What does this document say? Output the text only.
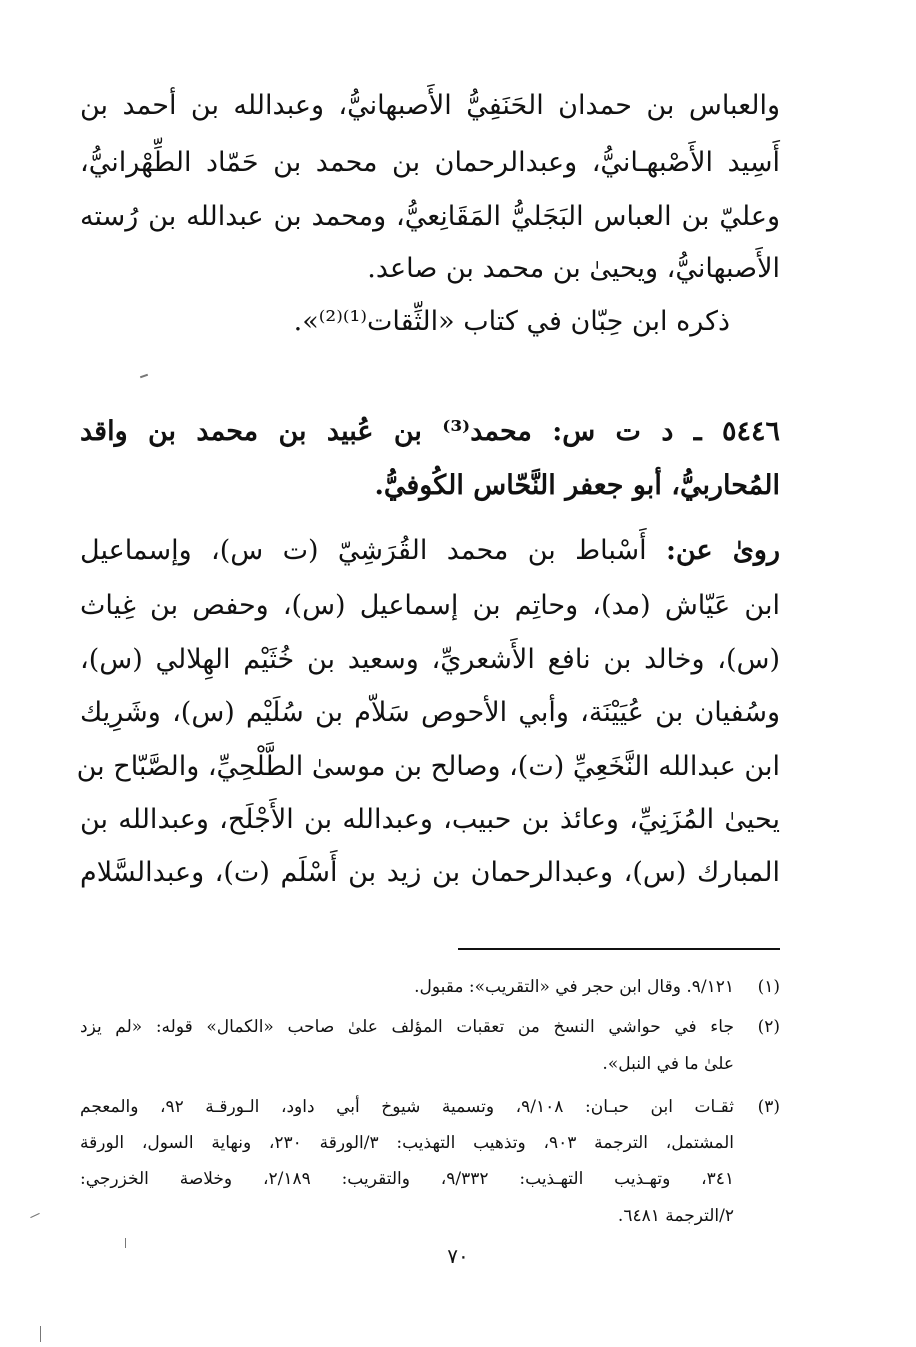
والعباس بن حمدان الحَنَفِيُّ الأَصبهانيُّ، وعبدالله بن أحمد بن
أَسِيد الأَصْبهـانيُّ، وعبدالرحمان بن محمد بن حَمّاد الطِّهْرانيُّ،
وعليّ بن العباس البَجَليُّ المَقَانِعيُّ، ومحمد بن عبدالله بن رُسته
الأَصبهانيُّ، ويحيىٰ بن محمد بن صاعد.
ذكره ابن حِبّان في كتاب «الثِّقات⁽¹⁾⁽²⁾».
٥٤٤٦ ـ د ت س: محمد⁽³⁾ بن عُبيد بن محمد بن واقد
المُحاربيُّ، أبو جعفر النَّحّاس الكُوفيُّ.
روىٰ عن: أَسْباط بن محمد القُرَشِيّ (ت س)، وإسماعيل
ابن عَيّاش (مد)، وحاتِم بن إسماعيل (س)، وحفص بن غِياث
(س)، وخالد بن نافع الأَشعريِّ، وسعيد بن خُثَيْم الهِلالي (س)،
وسُفيان بن عُيَيْنَة، وأبي الأحوص سَلاّم بن سُلَيْم (س)، وشَرِيك
ابن عبدالله النَّخَعِيِّ (ت)، وصالح بن موسىٰ الطَّلْحِيِّ، والصَّبّاح بن
يحيىٰ المُزَنِيِّ، وعائذ بن حبيب، وعبدالله بن الأَجْلَح، وعبدالله بن
المبارك (س)، وعبدالرحمان بن زيد بن أَسْلَم (ت)، وعبدالسَّلام
(١)
٩/١٢١. وقال ابن حجر في «التقريب»: مقبول.
(٢)
جاء في حواشي النسخ من تعقبات المؤلف علىٰ صاحب «الكمال» قوله: «لم يزد
علىٰ ما في النبل».
(٣)
ثقـات ابن حبـان: ٩/١٠٨، وتسمية شيوخ أبي داود، الـورقـة ٩٢، والمعجم
المشتمل، الترجمة ٩٠٣، وتذهيب التهذيب: ٣/الورقة ٢٣٠، ونهاية السول، الورقة
٣٤١، وتهـذيب التهـذيب: ٩/٣٣٢، والتقريب: ٢/١٨٩، وخلاصة الخزرجي:
٢/الترجمة ٦٤٨١.
٧٠
